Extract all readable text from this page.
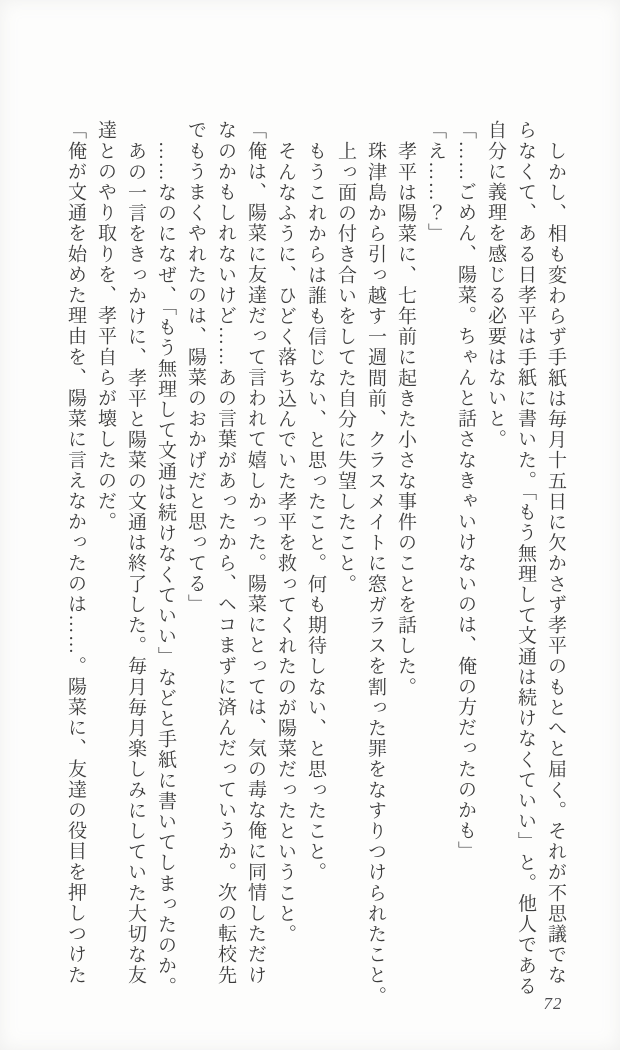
しかし、相も変わらず手紙は毎月十五日に欠かさず孝平のもとへと届く。それが不思議でな
らなくて、ある日孝平は手紙に書いた。「もう無理して文通は続けなくていい」と。他人である
自分に義理を感じる必要はないと。
「……ごめん、陽菜。ちゃんと話さなきゃいけないのは、俺の方だったのかも」
「え……？」
孝平は陽菜に、七年前に起きた小さな事件のことを話した。
珠津島から引っ越す一週間前、クラスメイトに窓ガラスを割った罪をなすりつけられたこと。
上っ面の付き合いをしてた自分に失望したこと。
もうこれからは誰も信じない、と思ったこと。何も期待しない、と思ったこと。
そんなふうに、ひどく落ち込んでいた孝平を救ってくれたのが陽菜だったということ。
「俺は、陽菜に友達だって言われて嬉しかった。陽菜にとっては、気の毒な俺に同情しただけ
なのかもしれないけど……あの言葉があったから、ヘコまずに済んだっていうか。次の転校先
でもうまくやれたのは、陽菜のおかげだと思ってる」
……なのになぜ、「もう無理して文通は続けなくていい」などと手紙に書いてしまったのか。
あの一言をきっかけに、孝平と陽菜の文通は終了した。毎月毎月楽しみにしていた大切な友
達とのやり取りを、孝平自らが壊したのだ。
「俺が文通を始めた理由を、陽菜に言えなかったのは……。陽菜に、友達の役目を押しつけた
72
